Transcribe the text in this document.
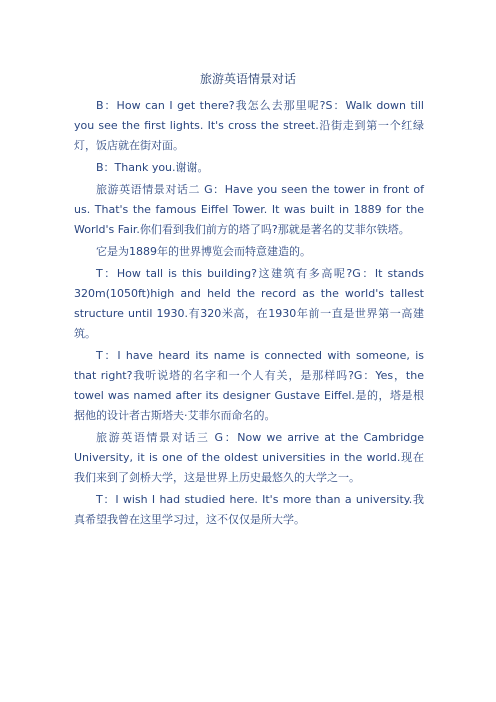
旅游英语情景对话

B：How can I get there?我怎么去那里呢?S：Walk down till you see the first lights. It's cross the street.沿街走到第一个红绿灯，饭店就在街对面。

B：Thank you.谢谢。

旅游英语情景对话二 G：Have you seen the tower in front of us. That's the famous Eiffel Tower. It was built in 1889 for the World's Fair.你们看到我们前方的塔了吗?那就是著名的艾菲尔铁塔。

它是为1889年的世界博览会而特意建造的。

T：How tall is this building?这建筑有多高呢?G：It stands 320m(1050ft)high and held the record as the world's tallest structure until 1930.有320米高，在1930年前一直是世界第一高建筑。

T：I have heard its name is connected with someone, is that right?我听说塔的名字和一个人有关，是那样吗?G：Yes，the towel was named after its designer Gustave Eiffel.是的，塔是根据他的设计者古斯塔夫·艾菲尔而命名的。

旅游英语情景对话三 G：Now we arrive at the Cambridge University, it is one of the oldest universities in the world.现在我们来到了剑桥大学，这是世界上历史最悠久的大学之一。

T：I wish I had studied here. It's more than a university.我真希望我曾在这里学习过，这不仅仅是所大学。
